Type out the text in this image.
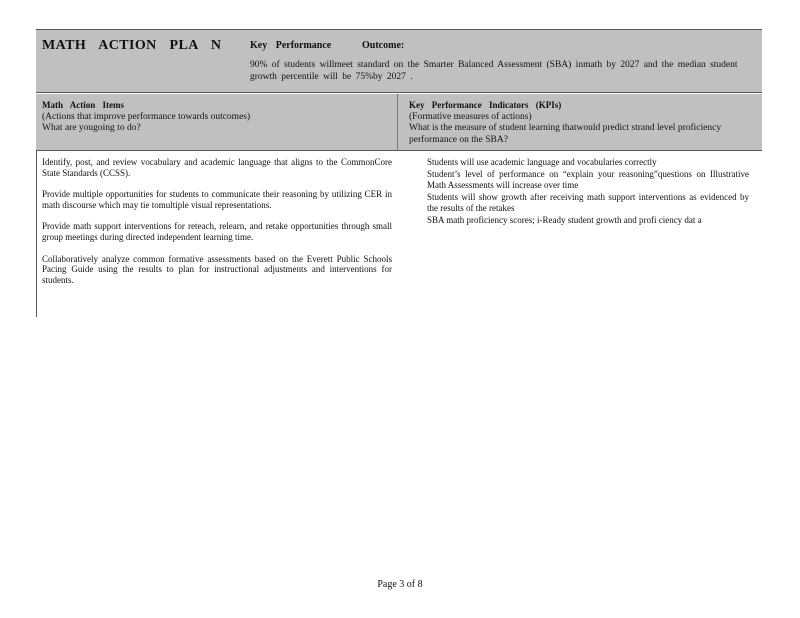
MATH ACTION PLA N	Key Performance	Outcome:
90% of students willmeet standard on the Smarter Balanced Assessment (SBA) inmath by 2027 and the median student growth percentile will be 75%by 2027 .
Math Action Items
(Actions that improve performance towards outcomes)
What are yougoing to do?
Key Performance Indicators (KPIs)
(Formative measures of actions)
What is the measure of student learning thatwould predict strand level proficiency performance on the SBA?

Identify, post, and review vocabulary and academic language that aligns to the CommonCore State Standards (CCSS).

Provide multiple opportunities for students to communicate their reasoning by utilizing CER in math discourse which may tie tomultiple visual representations.

Provide math support interventions for reteach, relearn, and retake opportunities through small group meetings during directed independent learning time.

Collaboratively analyze common formative assessments based on the Everett Public Schools Pacing Guide using the results to plan for instructional adjustments and interventions for students.

Students will use academic language and vocabularies correctly
Student’s level of performance on “explain your reasoning”questions on Illustrative Math Assessments will increase over time
Students will show growth after receiving math support interventions as evidenced by the results of the retakes
SBA math proficiency scores; i-Ready student growth and profi ciency dat a
Page 3 of 8
